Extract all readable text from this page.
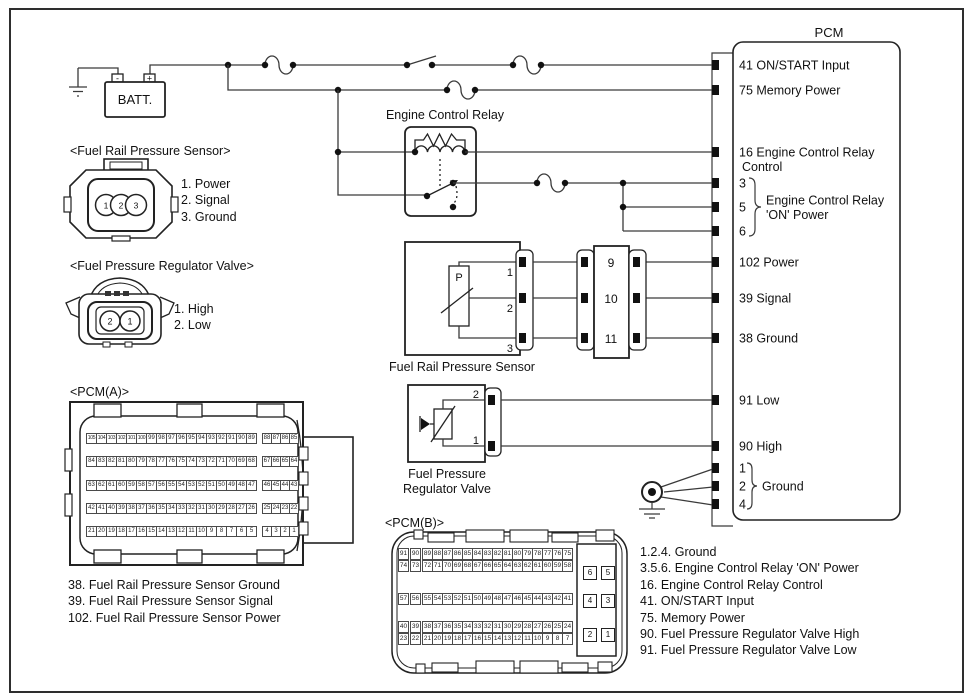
-	+
BATT.
Engine Control Relay
P	1
2
3
Fuel Rail Pressure Sensor
9
10
11
2
1
Fuel Pressure
Regulator Valve
PCM
41 ON/START Input
75 Memory Power
16 Engine Control Relay
Control
3
5
6
Engine Control Relay
'ON' Power
102 Power
39 Signal
38 Ground
91 Low
90 High
1
2
4
Ground
<Fuel Rail Pressure Sensor>
1 2 3
<Fuel Pressure Regulator Valve>
2 1
<PCM(A)>
<PCM(B)>
1. Power
2. Signal
3. Ground
1. High
2. Low
105 104 103 102 101 100 99 98 97 96 95 94 93 92 91 90 89	88 87 86 85
84 83 82 81 80 79 78 77 76 75 74 73 72 71 70 69 68	67 66 65 64
63 62 61 60 59 58 57 56 55 54 53 52 51 50 49 48 47	46 45 44 43
42 41 40 39 38 37 36 35 34 33 32 31 30 29 28 27 26	25 24 23 22
21 20 19 18 17 16 15 14 13 12 11 10 9	8	7	6	5	4 3 2 1
38. Fuel Rail Pressure Sensor Ground
39. Fuel Rail Pressure Sensor Signal
102. Fuel Rail Pressure Sensor Power
91 90 89 88 87 86 85 84 83 82 81 80 79 78 77 76 75
74 73 72 71 70 69 68 67 66 65 64 63 62 61 60 59 58
57 56 55 54 53 52 51 50 49 48 47 46 45 44 43 42 41
40 39 38 37 36 35 34 33 32 31 30 29 28 27 26 25 24
23 22 21 20 19 18 17 16 15 14 13 12 11 10 9 8 7
6	5
4	3
2	1
1.2.4. Ground
3.5.6. Engine Control Relay 'ON' Power
16. Engine Control Relay Control
41. ON/START Input
75. Memory Power
90. Fuel Pressure Regulator Valve High
91. Fuel Pressure Regulator Valve Low
